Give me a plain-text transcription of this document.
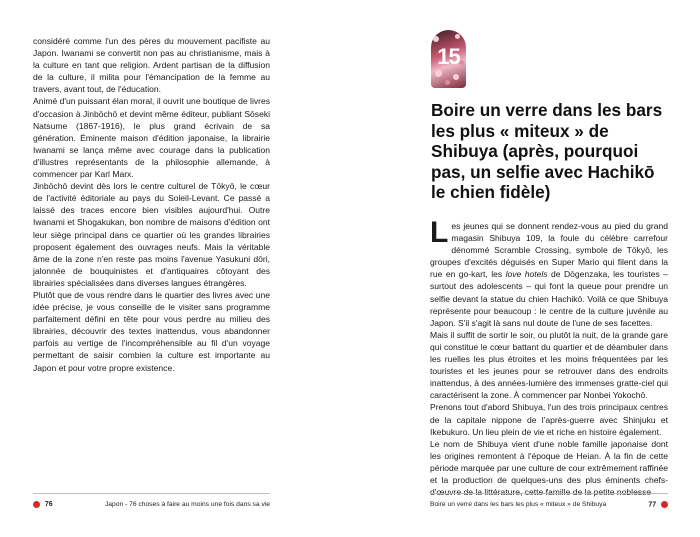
considéré comme l'un des pères du mouvement pacifiste au Japon. Iwanami se convertit non pas au christianisme, mais à la culture en tant que religion. Ardent partisan de la diffusion de la culture, il milita pour l'émancipation de la femme au travers, avant tout, de l'éducation.

Animé d'un puissant élan moral, il ouvrit une boutique de livres d'occasion à Jinbōchō et devint même éditeur, publiant Sōseki Natsume (1867-1916), le plus grand écrivain de sa génération. Éminente maison d'édition japonaise, la librairie Iwanami se lança même avec courage dans la publication d'illustres représentants de la philosophie allemande, à commencer par Karl Marx.

Jinbōchō devint dès lors le centre culturel de Tōkyō, le cœur de l'activité éditoriale au pays du Soleil-Levant. Ce passé a laissé des traces encore bien visibles aujourd'hui. Outre Iwanami et Shogakukan, bon nombre de maisons d'édition ont leur siège principal dans ce quartier où les grandes librairies proposent également des ouvrages neufs. Mais la véritable âme de la zone n'en reste pas moins l'avenue Yasukuni dōri, jalonnée de bouquinistes et d'antiquaires côtoyant des librairies spécialisées dans diverses langues étrangères.

Plutôt que de vous rendre dans le quartier des livres avec une idée précise, je vous conseille de le visiter sans programme parfaitement défini en tête pour vous perdre au milieu des librairies, découvrir des textes inattendus, vous abandonner parfois au vertige de l'incompréhensible au fil d'un voyage permettant de saisir combien la culture est importante au Japon et pour votre propre existence.

76	Japon - 76 choses à faire au moins une fois dans sa vie
15
Boire un verre dans les bars les plus « miteux » de Shibuya (après, pourquoi pas, un selfie avec Hachikō le chien fidèle)

Les jeunes qui se donnent rendez-vous au pied du grand magasin Shibuya 109, la foule du célèbre carrefour dénommé Scramble Crossing, symbole de Tōkyō, les groupes d'excités déguisés en Super Mario qui filent dans la rue en go-kart, les love hotels de Dōgenzaka, les touristes – surtout des adolescents – qui font la queue pour prendre un selfie devant la statue du chien Hachikō. Voilà ce que Shibuya représente pour beaucoup : le centre de la culture juvénile au Japon. S'il s'agit là sans nul doute de l'une de ses facettes.

Mais il suffit de sortir le soir, ou plutôt la nuit, de la grande gare qui constitue le cœur battant du quartier et de déambuler dans les ruelles les plus étroites et les moins fréquentées par les touristes et les jeunes pour se retrouver dans des endroits inattendus, à des années-lumière des immenses gratte-ciel qui caractérisent la zone. À commencer par Nonbei Yokochō.

Prenons tout d'abord Shibuya, l'un des trois principaux centres de la capitale nippone de l'après-guerre avec Shinjuku et Ikebukuro. Un lieu plein de vie et riche en histoire également.

Le nom de Shibuya vient d'une noble famille japonaise dont les origines remontent à l'époque de Heian. À la fin de cette période marquée par une culture de cour extrêmement raffinée et la production de quelques-uns des plus éminents chefs-

Boire un verre dans les bars les plus « miteux » de Shibuya	77
